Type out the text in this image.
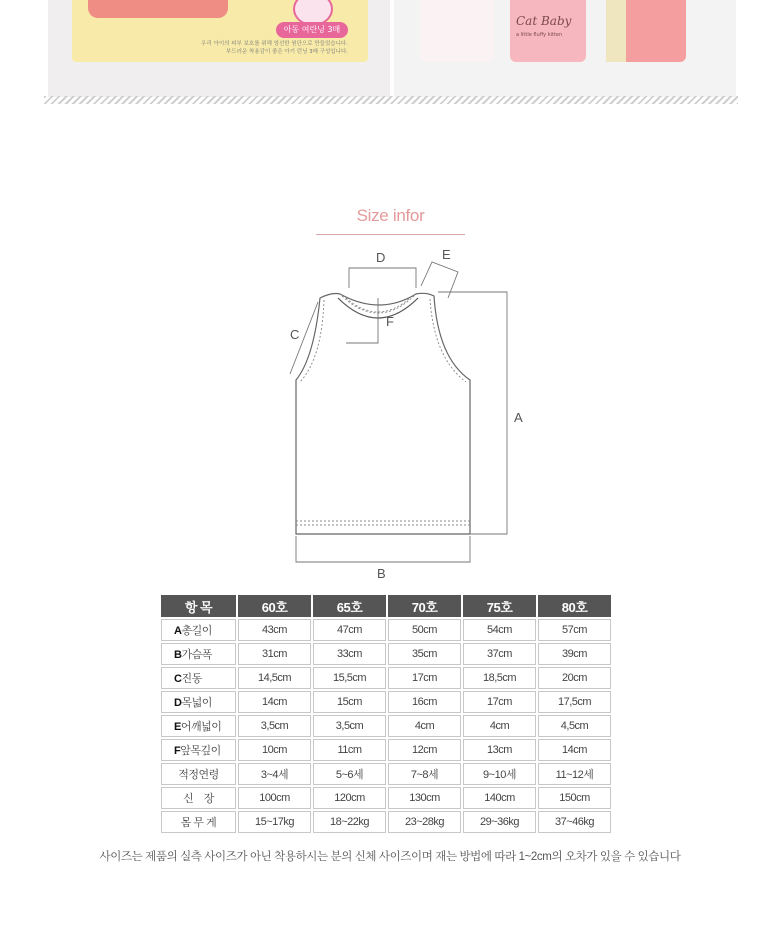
아동 여란닝 3매
우리 아이의 피부 보호를 위해 엄선한 원단으로 만들었습니다. 부드러운 착용감이 좋은 아기 런닝 3매 구성입니다.
Cat Baby
a little fluffy kitten
Size infor
D	E
C
F
A
B
항 목	60호	65호	70호	75호	80호
A총길이	43cm	47cm	50cm	54cm	57cm
B가슴폭	31cm	33cm	35cm	37cm	39cm
C진동	14,5cm	15,5cm	17cm	18,5cm	20cm
D목넓이	14cm	15cm	16cm	17cm	17,5cm
E어깨넓이	3,5cm	3,5cm	4cm	4cm	4,5cm
F앞목깊이	10cm	11cm	12cm	13cm	14cm
적정연령	3~4세	5~6세	7~8세	9~10세	11~12세
신　장	100cm	120cm	130cm	140cm	150cm
몸 무 게	15~17kg	18~22kg	23~28kg	29~36kg	37~46kg
사이즈는 제품의 실측 사이즈가 아닌 착용하시는 분의 신체 사이즈이며 재는 방법에 따라 1~2cm의 오차가 있을 수 있습니다
